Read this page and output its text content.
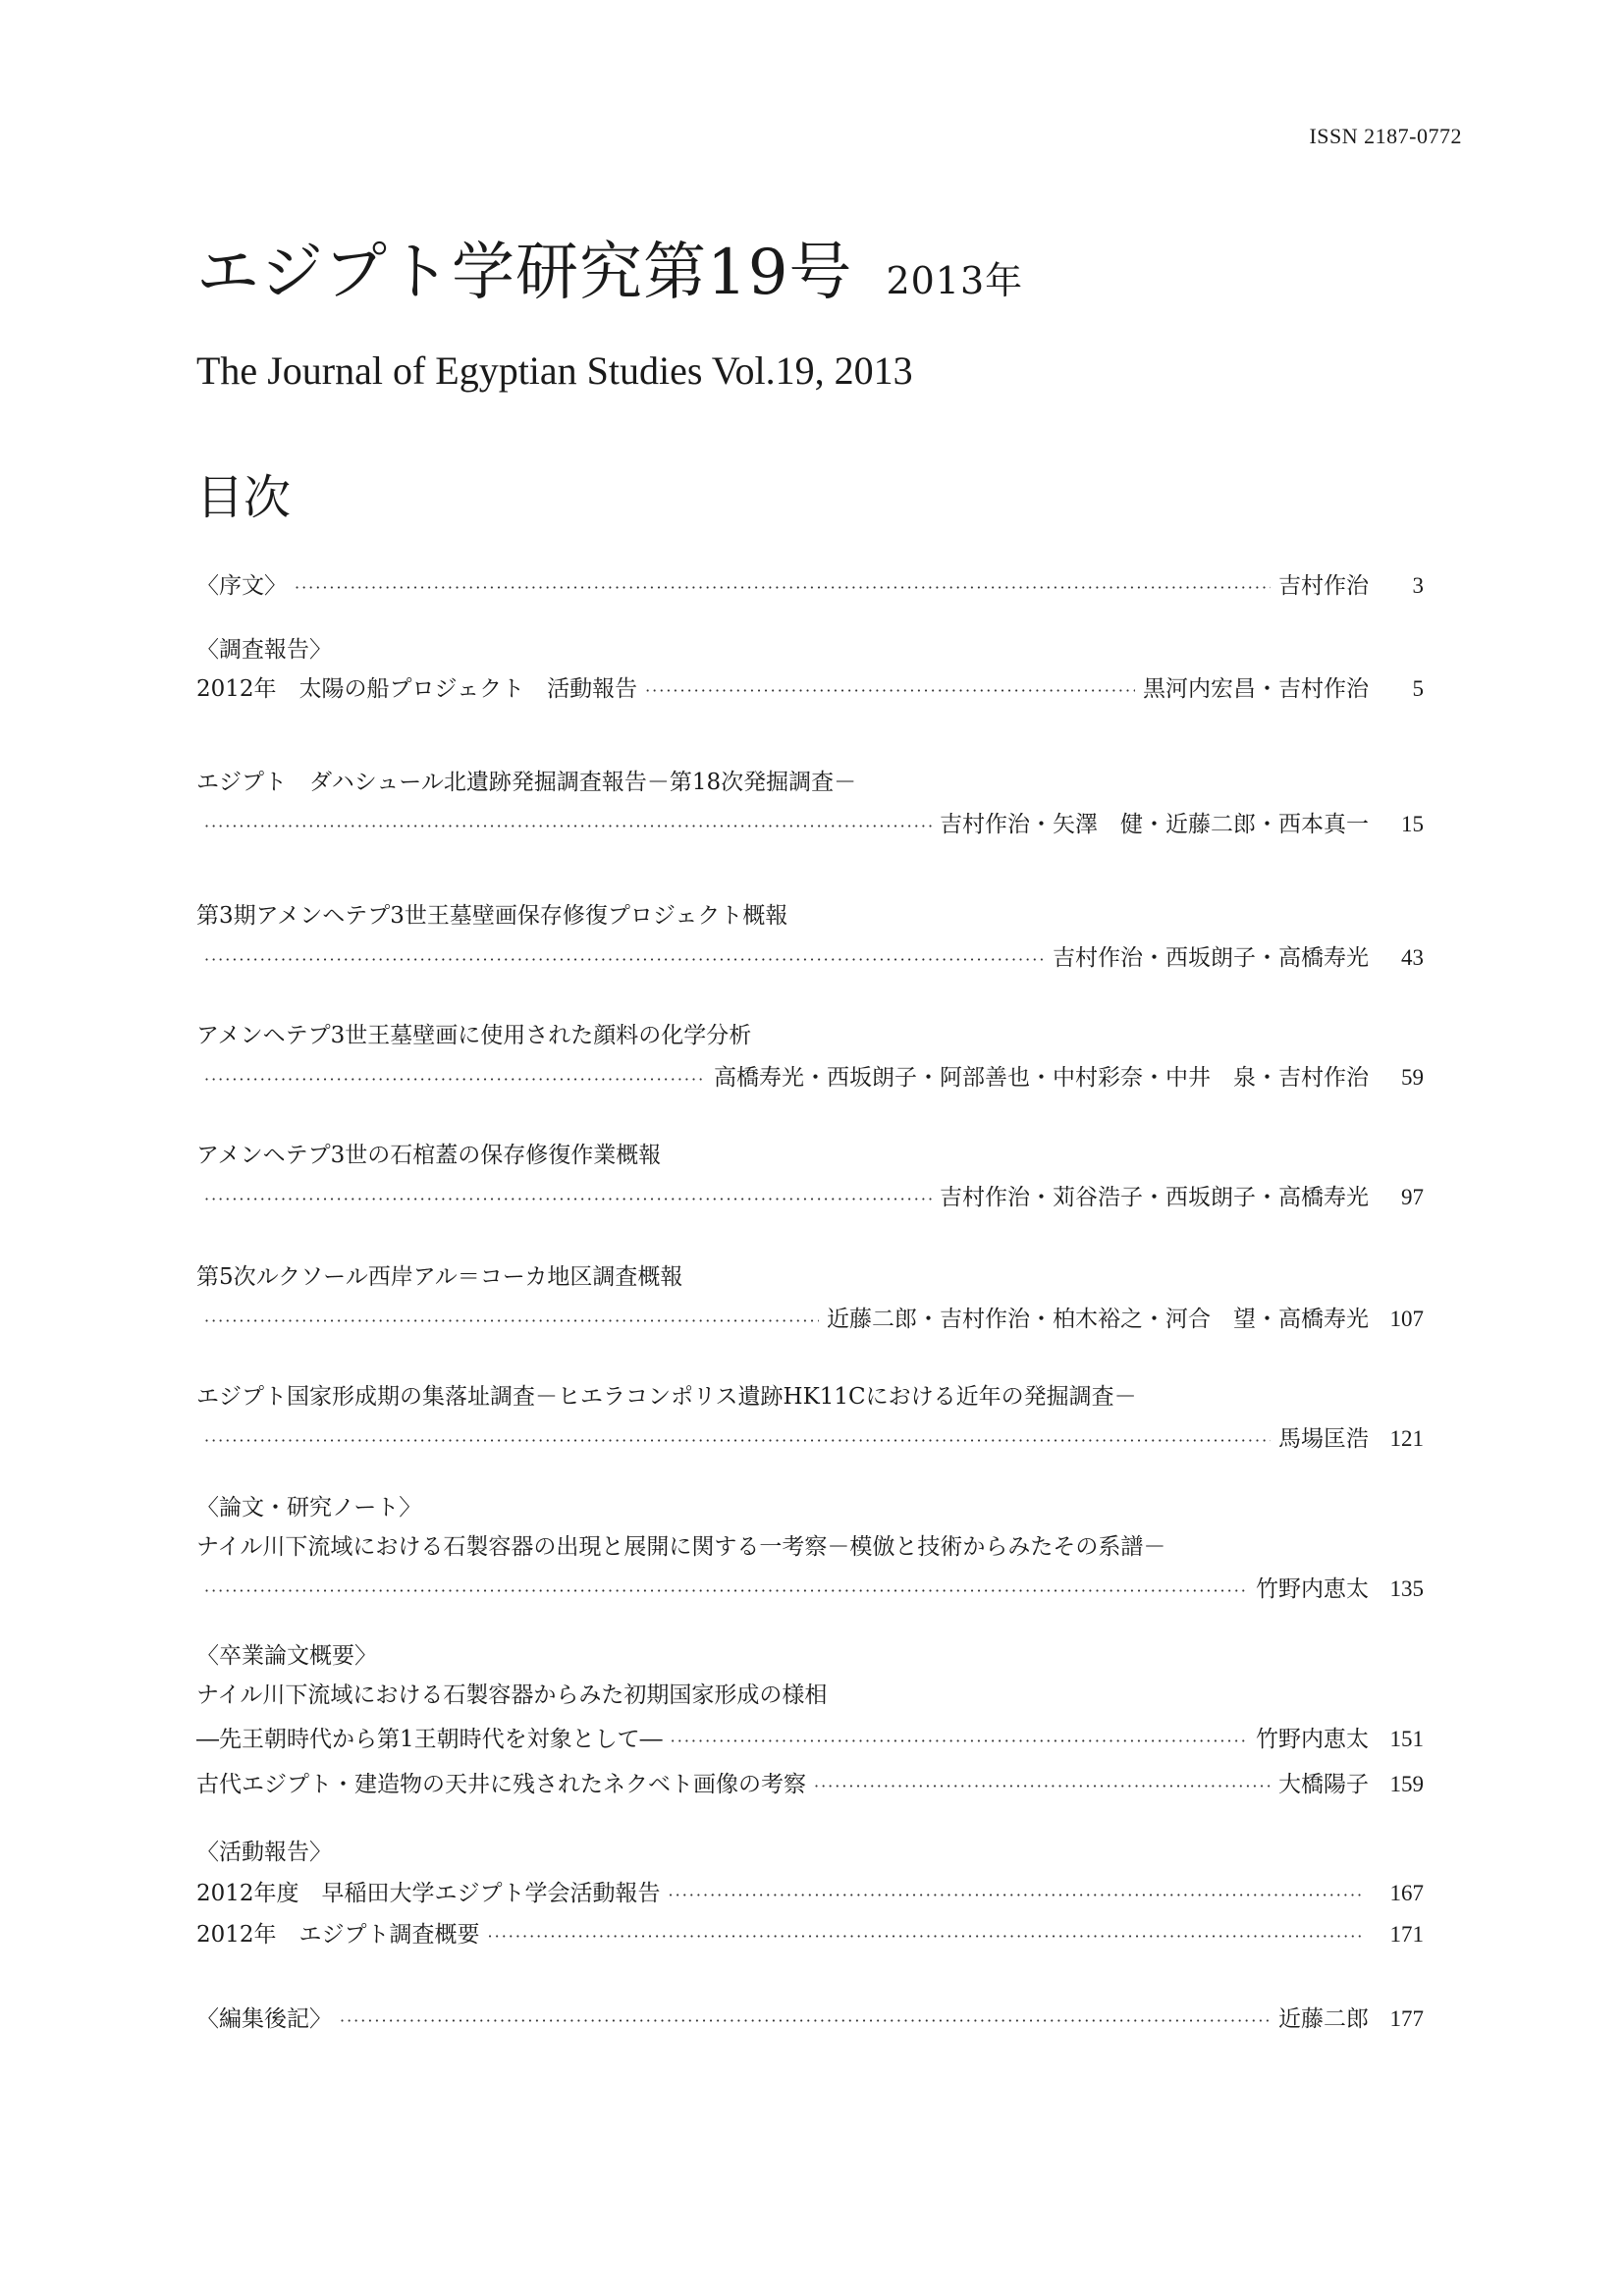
ISSN 2187-0772
エジプト学研究第19号 2013年
The Journal of Egyptian Studies Vol.19, 2013
目次
〈序文〉 ·····	吉村作治	3
〈調査報告〉
2012年　太陽の船プロジェクト　活動報告 ·····	黒河内宏昌・吉村作治	5
エジプト　ダハシュール北遺跡発掘調査報告－第18次発掘調査－
·····
吉村作治・矢澤　健・近藤二郎・西本真一	15
第3期アメンヘテプ3世王墓壁画保存修復プロジェクト概報
·····
吉村作治・西坂朗子・高橋寿光	43
アメンヘテプ3世王墓壁画に使用された顔料の化学分析
·····
高橋寿光・西坂朗子・阿部善也・中村彩奈・中井　泉・吉村作治	59
アメンヘテプ3世の石棺蓋の保存修復作業概報
·····
吉村作治・苅谷浩子・西坂朗子・高橋寿光	97
第5次ルクソール西岸アル＝コーカ地区調査概報
·····
近藤二郎・吉村作治・柏木裕之・河合　望・高橋寿光 107
エジプト国家形成期の集落址調査－ヒエラコンポリス遺跡HK11Cにおける近年の発掘調査－
·····
馬場匡浩 121
〈論文・研究ノート〉
ナイル川下流域における石製容器の出現と展開に関する一考察－模倣と技術からみたその系譜－
·····
竹野内恵太 135
〈卒業論文概要〉
ナイル川下流域における石製容器からみた初期国家形成の様相
―先王朝時代から第1王朝時代を対象として― ·····	竹野内恵太 151
古代エジプト・建造物の天井に残されたネクベト画像の考察 ·····	大橋陽子 159
〈活動報告〉
2012年度　早稲田大学エジプト学会活動報告 ·····	167
2012年　エジプト調査概要 ·····	171
〈編集後記〉 ·····	近藤二郎 177
